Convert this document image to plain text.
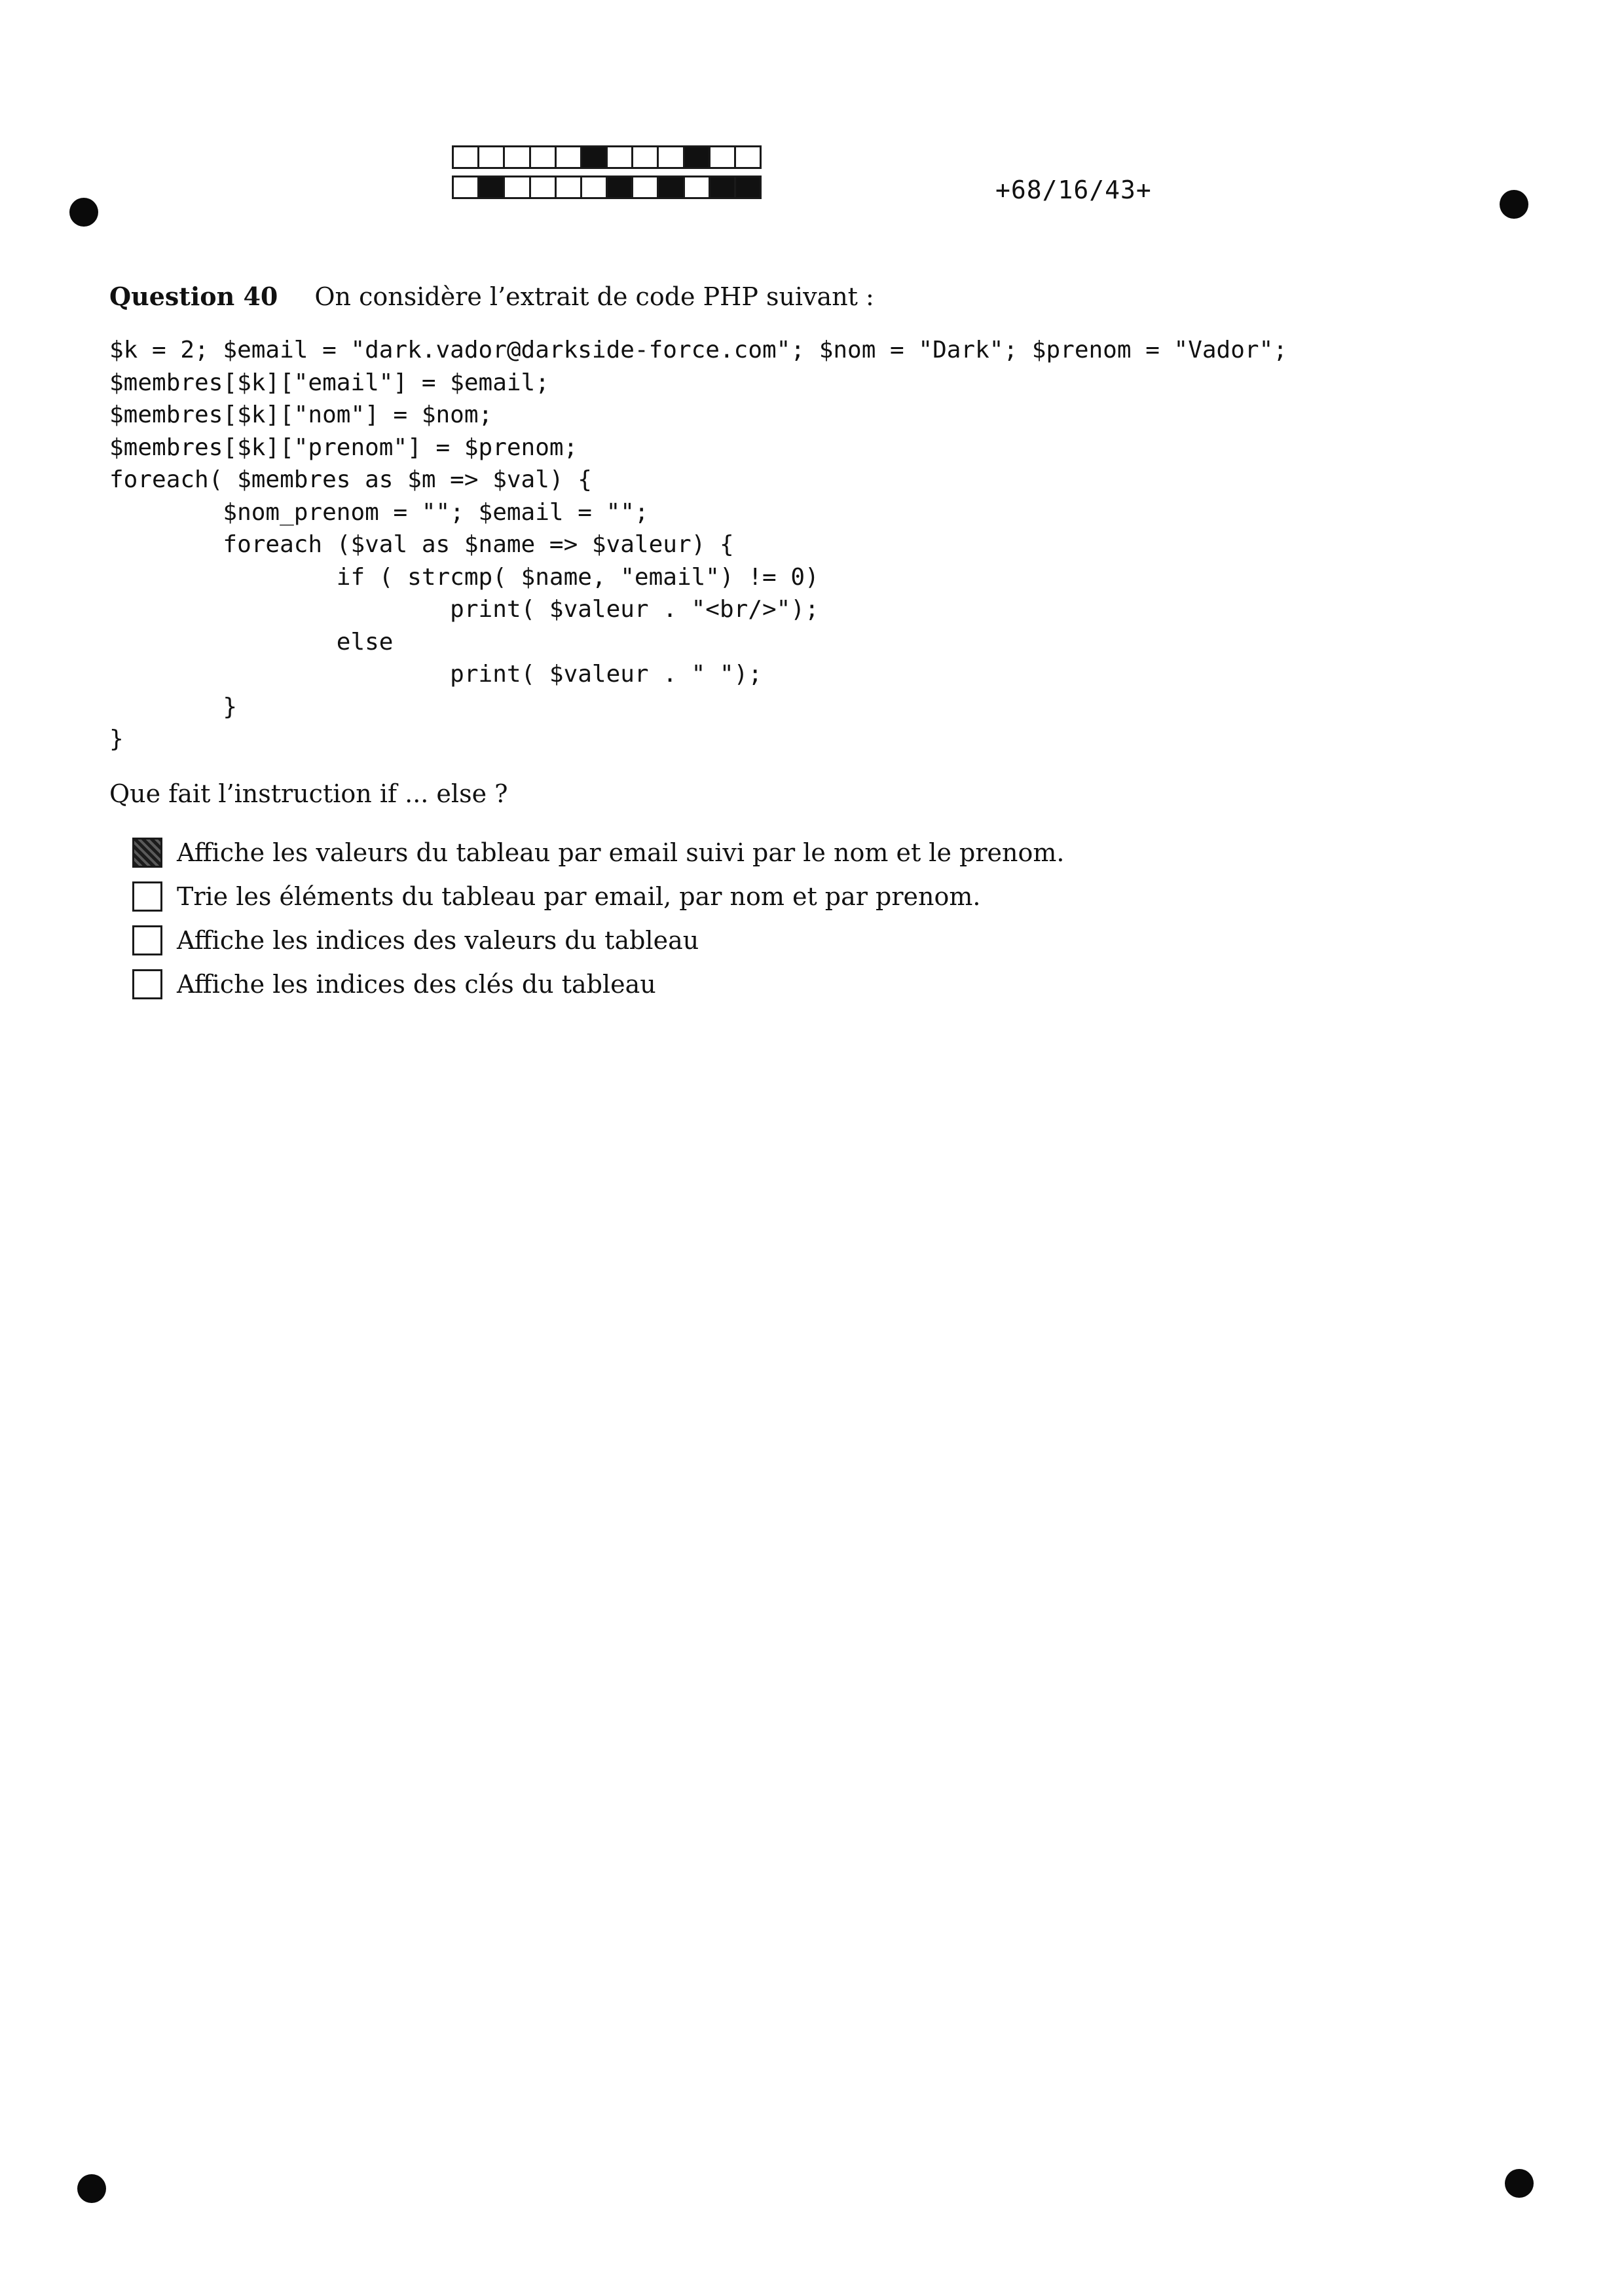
+68/16/43+
Question 40 On considère l’extrait de code PHP suivant :
$k = 2; $email = "dark.vador@darkside-force.com"; $nom = "Dark"; $prenom = "Vador";
$membres[$k]["email"] = $email;
$membres[$k]["nom"] = $nom;
$membres[$k]["prenom"] = $prenom;
foreach( $membres as $m => $val) {
$nom_prenom = ""; $email = "";
foreach ($val as $name => $valeur) {
if ( strcmp( $name, "email") != 0)
print( $valeur . "<br/>");
else
print( $valeur . " ");
}
}
Que fait l’instruction if ... else ?
Affiche les valeurs du tableau par email suivi par le nom et le prenom.
Trie les éléments du tableau par email, par nom et par prenom.
Affiche les indices des valeurs du tableau
Affiche les indices des clés du tableau
